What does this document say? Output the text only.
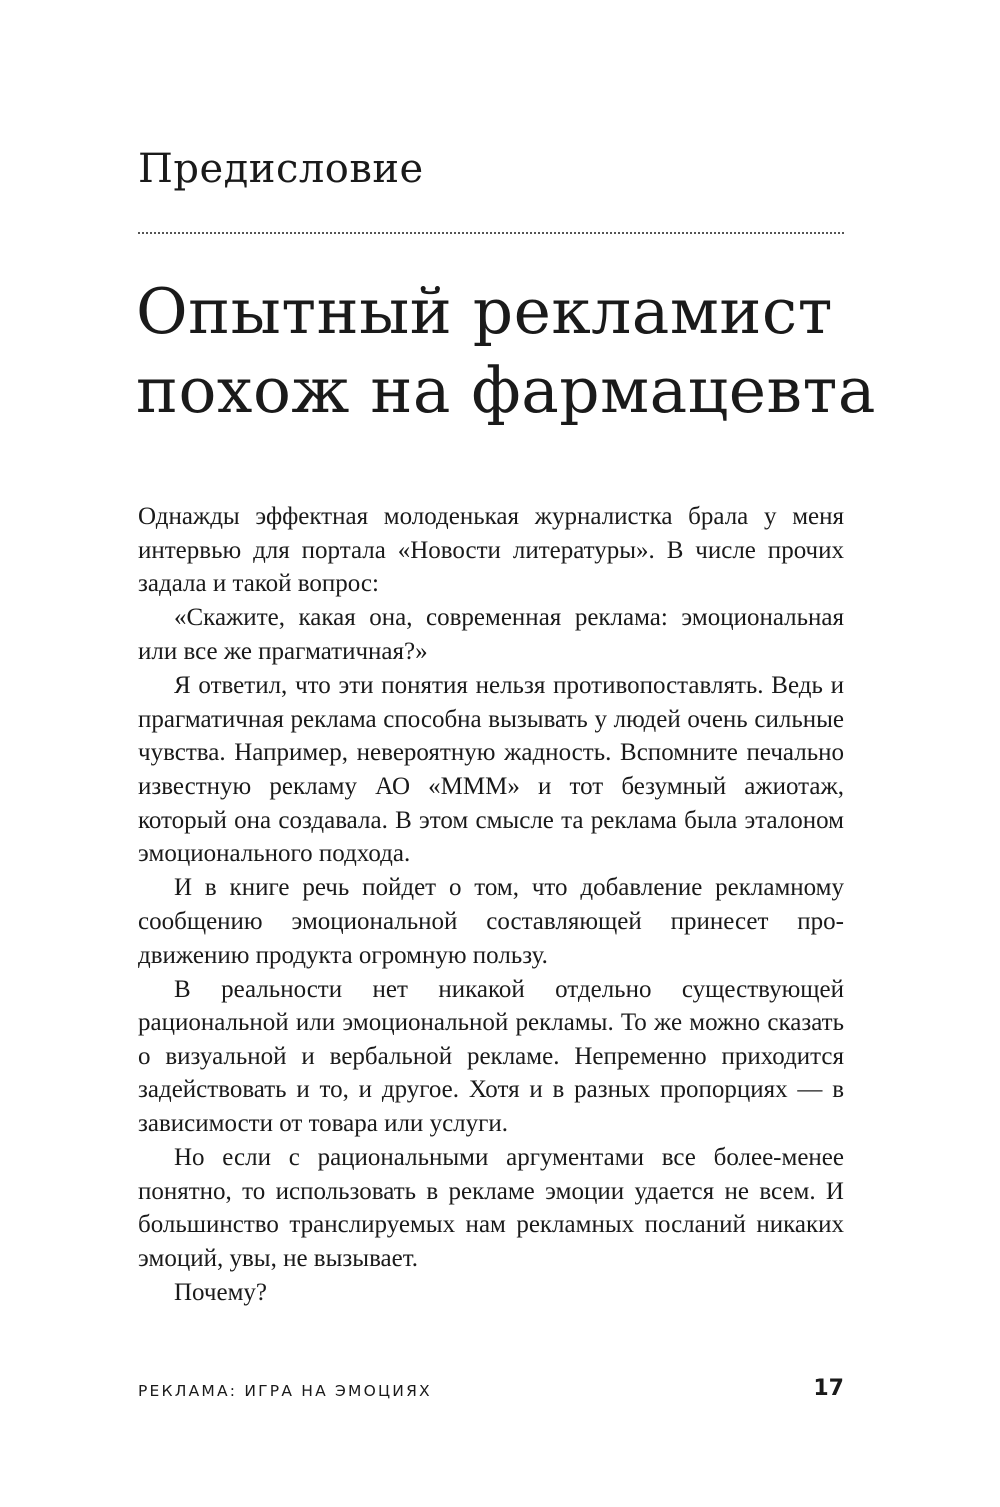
Предисловие
Опытный рекламист
похож на фармацевта

Однажды эффектная молоденькая журналистка брала у меня интервью для портала «Новости литературы». В числе прочих задала и такой вопрос:

«Скажите, какая она, современная реклама: эмоциональная или все же прагматичная?»

Я ответил, что эти понятия нельзя противопоставлять. Ведь и прагматичная реклама способна вызывать у людей очень сильные чувства. Например, невероятную жадность. Вспомните печально известную рекламу АО «МММ» и тот безумный ажиотаж, который она создавала. В этом смысле та реклама была эталоном эмоционального подхода.

И в книге речь пойдет о том, что добавление рекламному сообщению эмоциональной составляющей принесет продвижению продукта огромную пользу.

В реальности нет никакой отдельно существующей рациональной или эмоциональной рекламы. То же можно сказать о визуальной и вербальной рекламе. Непременно приходится задействовать и то, и другое. Хотя и в разных пропорциях — в зависимости от товара или услуги.

Но если с рациональными аргументами все более-менее понятно, то использовать в рекламе эмоции удается не всем. И большинство транслируемых нам рекламных посланий никаких эмоций, увы, не вызывает.

Почему?

РЕКЛАМА: ИГРА НА ЭМОЦИЯХ	17
